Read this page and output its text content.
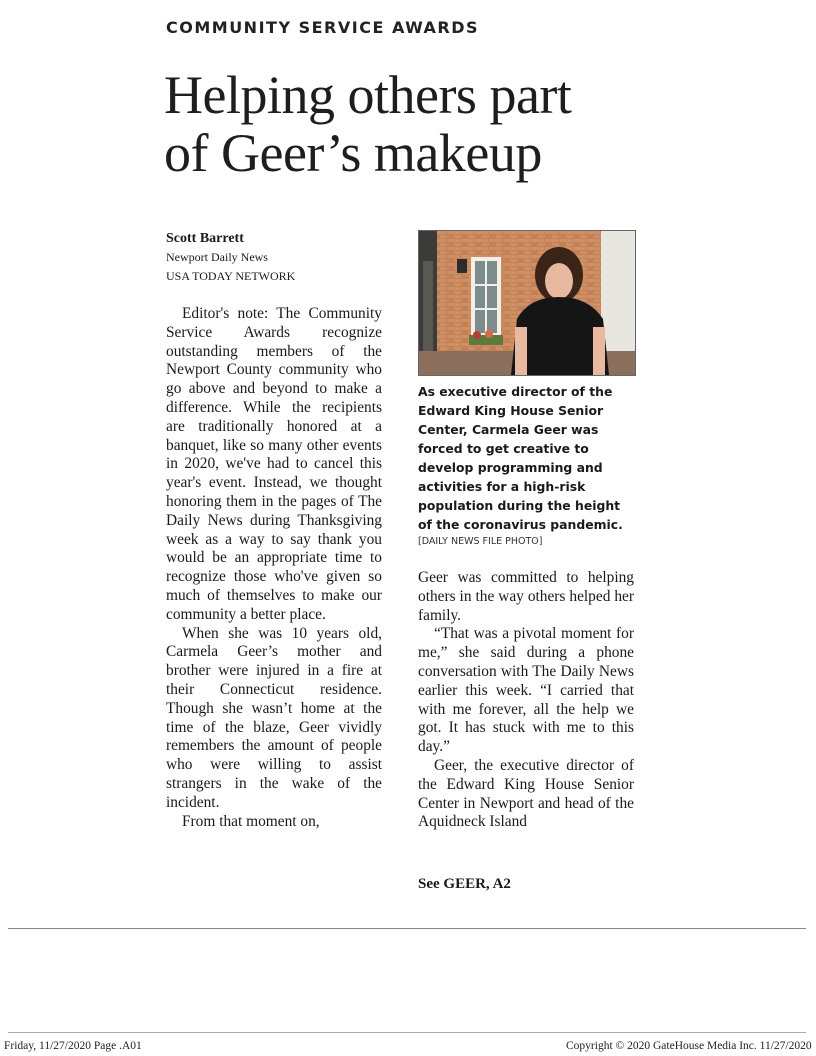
COMMUNITY SERVICE AWARDS
Helping others part
of Geer’s makeup
Scott Barrett
Newport Daily News
USA TODAY NETWORK
As executive director of the Edward King House Senior Center, Carmela Geer was forced to get creative to develop programming and activities for a high-risk population during the height of the coronavirus pandemic.
[DAILY NEWS FILE PHOTO]

Editor's note: The Community Service Awards recognize outstanding members of the Newport County community who go above and beyond to make a difference. While the recipients are traditionally honored at a banquet, like so many other events in 2020, we've had to cancel this year's event. Instead, we thought honoring them in the pages of The Daily News during Thanksgiving week as a way to say thank you would be an appropriate time to recognize those who've given so much of themselves to make our community a better place.

When she was 10 years old, Carmela Geer’s mother and brother were injured in a fire at their Connecticut residence. Though she wasn’t home at the time of the blaze, Geer vividly remembers the amount of people who were willing to assist strangers in the wake of the incident.

From that moment on,

Geer was committed to helping others in the way others helped her family.

“That was a pivotal moment for me,” she said during a phone conversation with The Daily News earlier this week. “I carried that with me forever, all the help we got. It has stuck with me to this day.”

Geer, the executive director of the Edward King House Senior Center in Newport and head of the Aquidneck Island

See GEER, A2
Friday, 11/27/2020 Page .A01	Copyright © 2020 GateHouse Media Inc. 11/27/2020
